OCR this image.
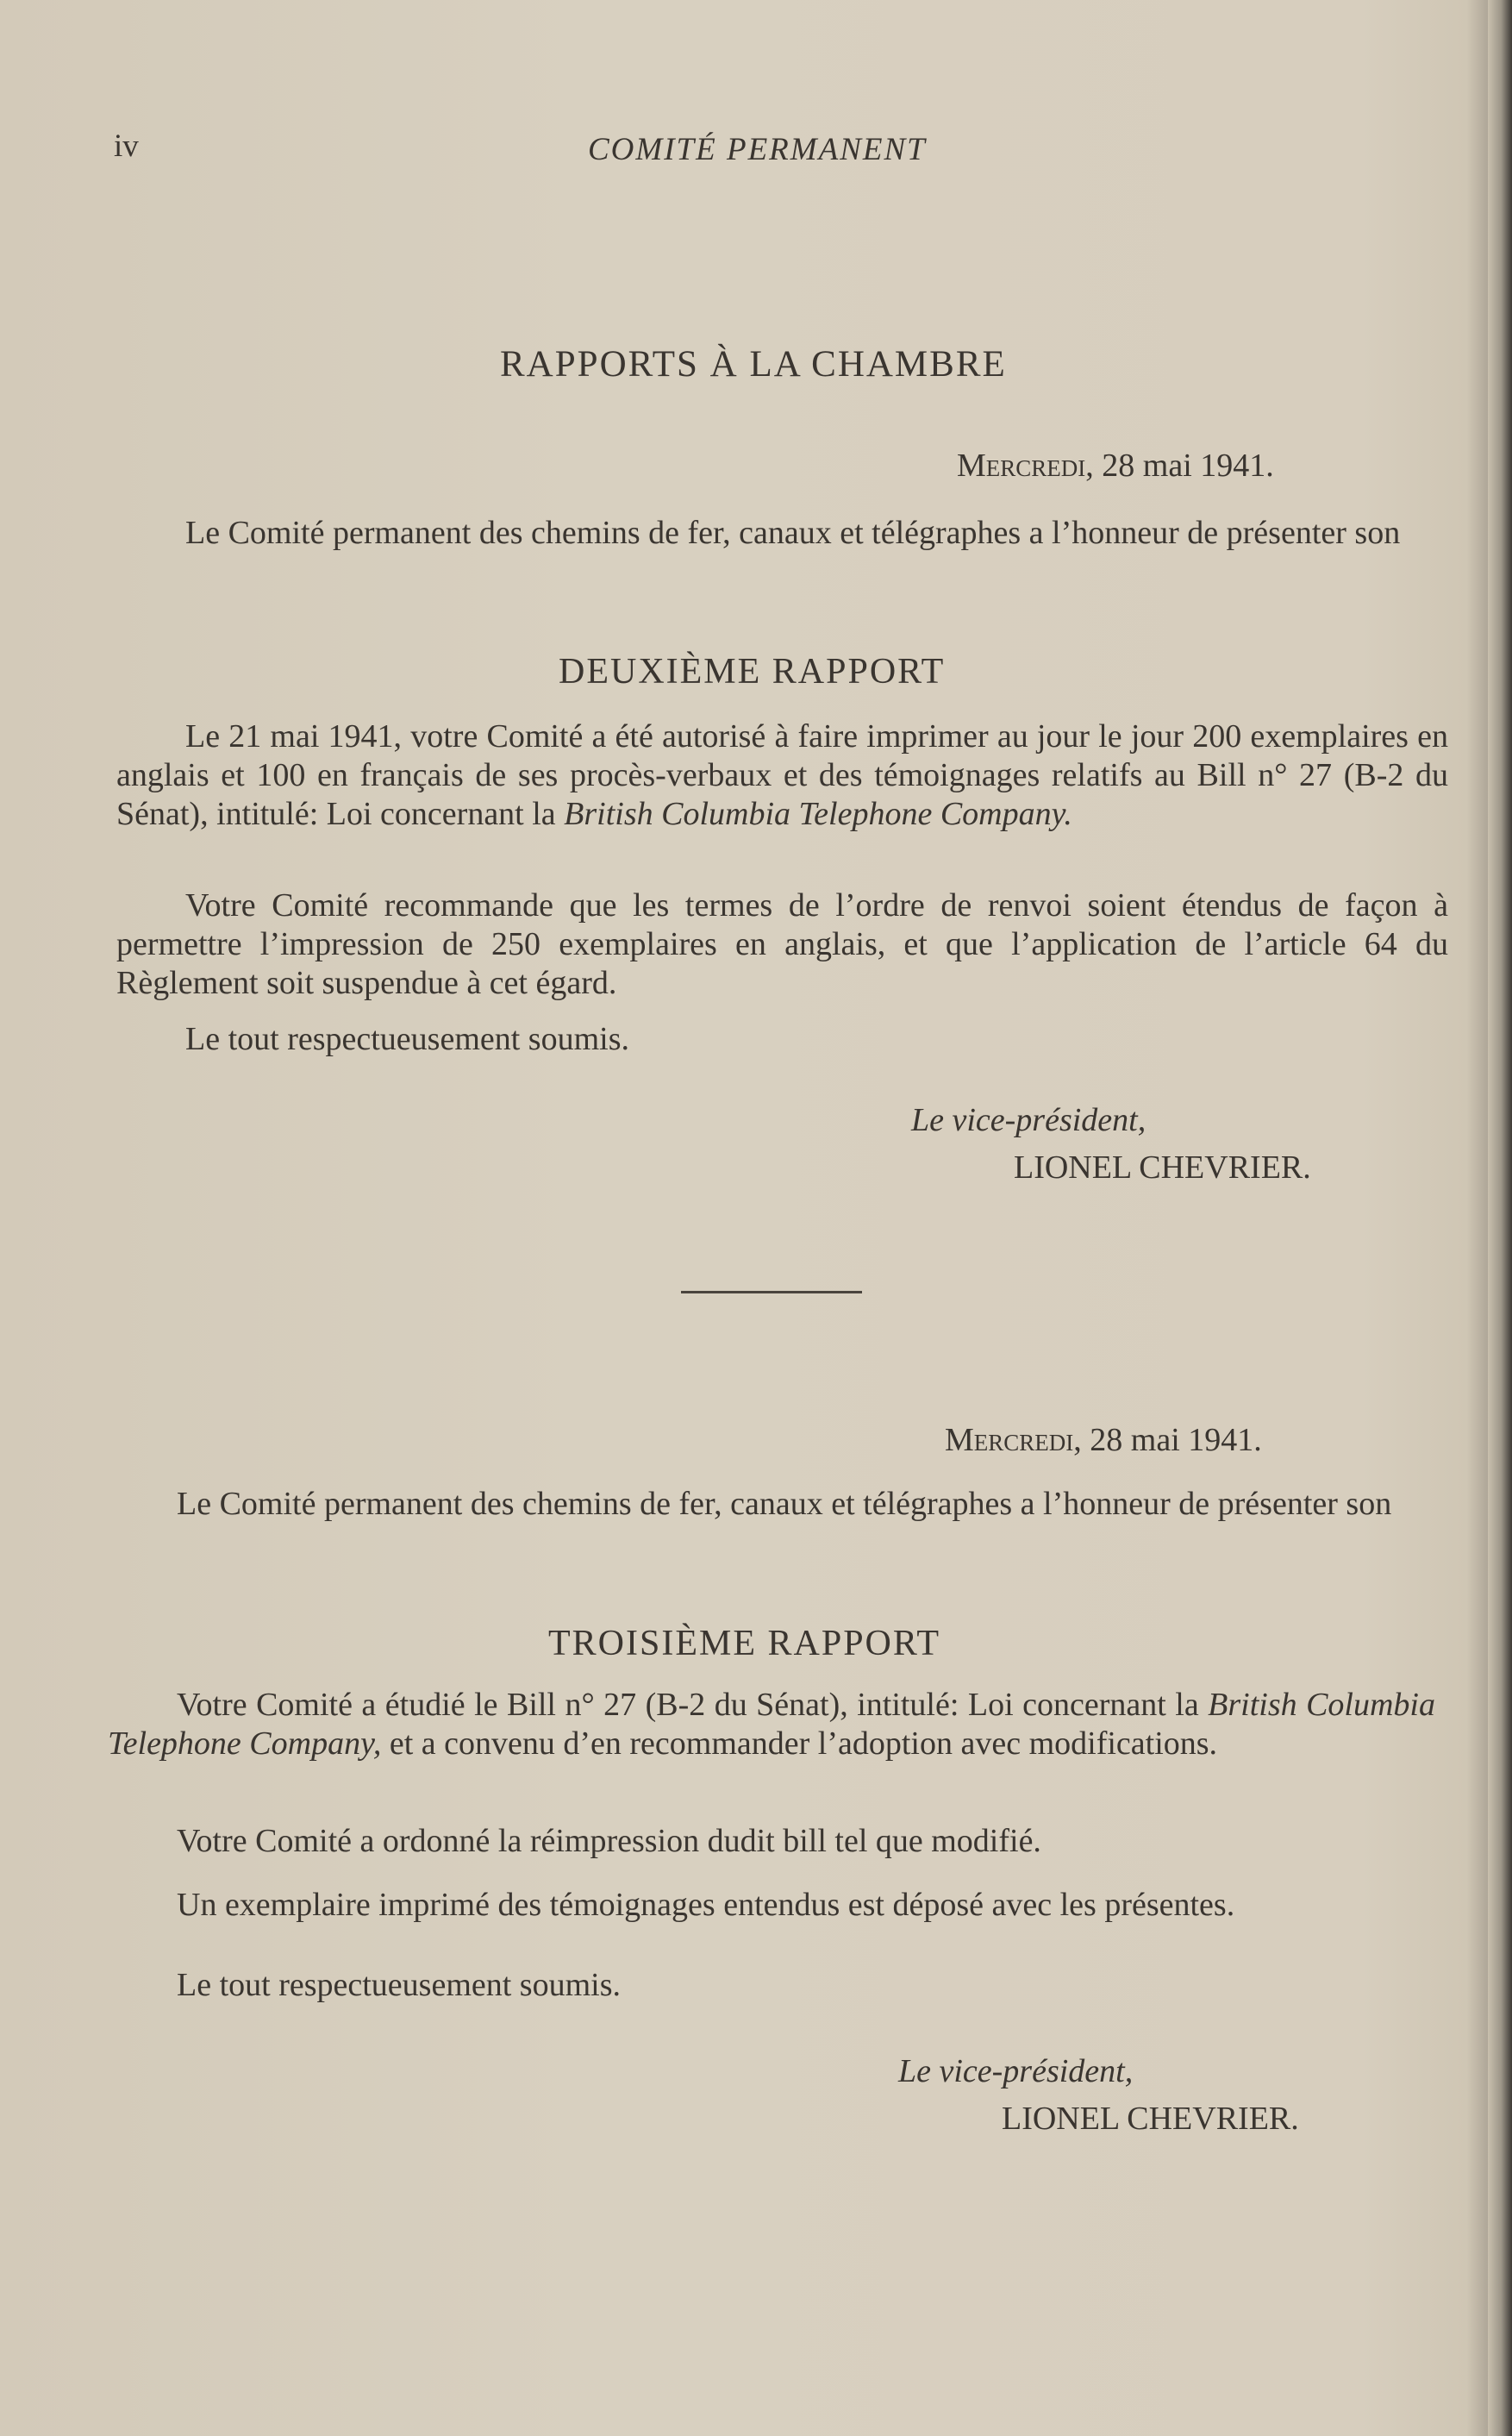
iv	COMITÉ PERMANENT
RAPPORTS À LA CHAMBRE
Mercredi, 28 mai 1941.

Le Comité permanent des chemins de fer, canaux et télégraphes a l’honneur de présenter son

DEUXIÈME RAPPORT

Le 21 mai 1941, votre Comité a été autorisé à faire imprimer au jour le jour 200 exemplaires en anglais et 100 en français de ses procès-verbaux et des témoignages relatifs au Bill n° 27 (B-2 du Sénat), intitulé: Loi concernant la British Columbia Telephone Company.

Votre Comité recommande que les termes de l’ordre de renvoi soient étendus de façon à permettre l’impression de 250 exemplaires en anglais, et que l’application de l’article 64 du Règlement soit suspendue à cet égard.

Le tout respectueusement soumis.

Le vice-président,
LIONEL CHEVRIER.
Mercredi, 28 mai 1941.

Le Comité permanent des chemins de fer, canaux et télégraphes a l’honneur de présenter son

TROISIÈME RAPPORT

Votre Comité a étudié le Bill n° 27 (B-2 du Sénat), intitulé: Loi concernant la British Columbia Telephone Company, et a convenu d’en recommander l’adoption avec modifications.

Votre Comité a ordonné la réimpression dudit bill tel que modifié.

Un exemplaire imprimé des témoignages entendus est déposé avec les présentes.

Le tout respectueusement soumis.

Le vice-président,
LIONEL CHEVRIER.
